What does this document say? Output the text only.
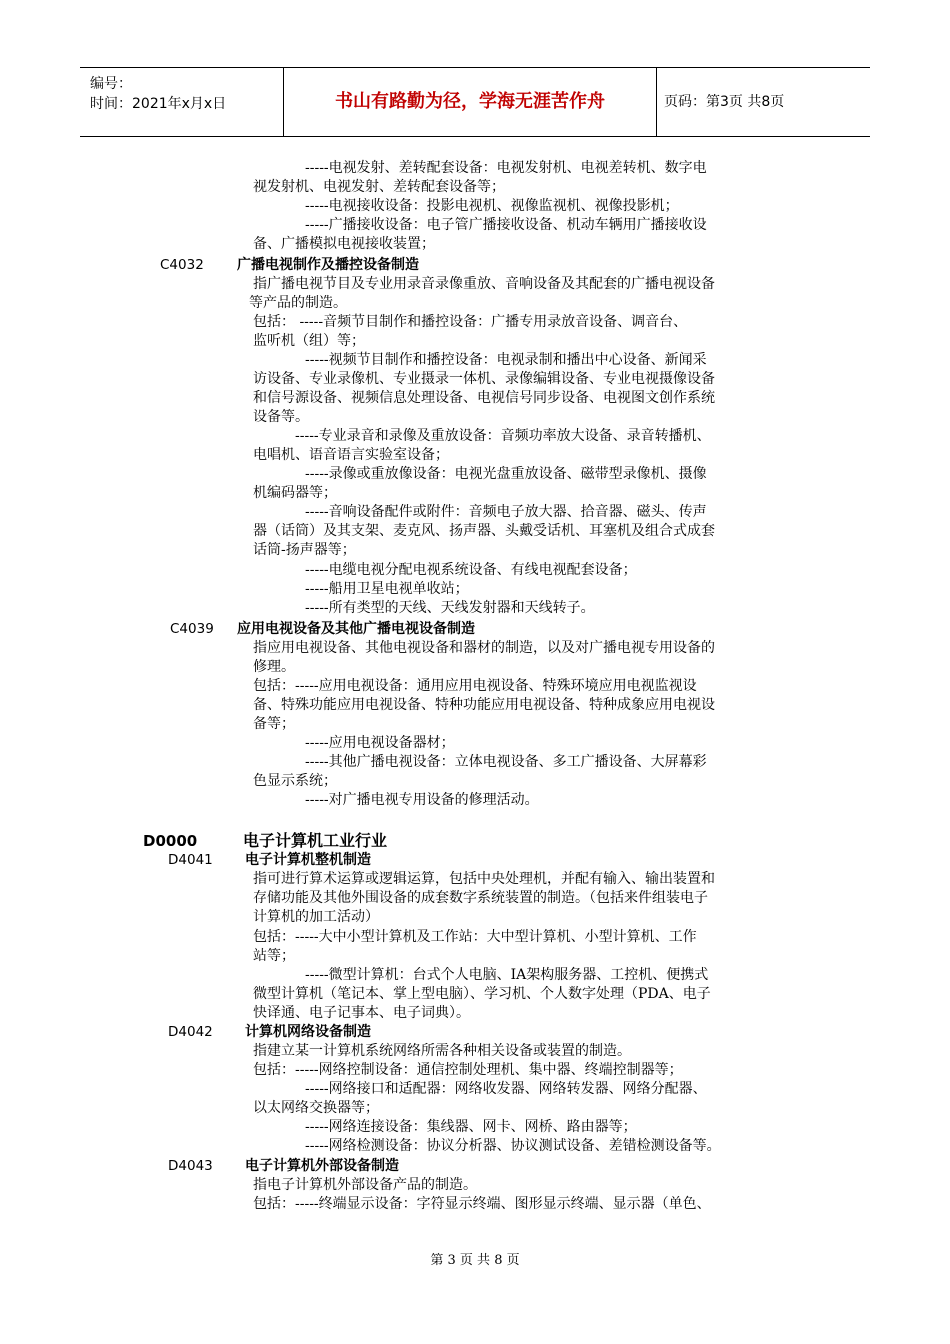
编号：
时间：2021年x月x日	书山有路勤为径，学海无涯苦作舟	页码：第3页 共8页
-----电视发射、差转配套设备：电视发射机、电视差转机、数字电
视发射机、电视发射、差转配套设备等；
-----电视接收设备：投影电视机、视像监视机、视像投影机；
-----广播接收设备：电子管广播接收设备、机动车辆用广播接收设
备、广播模拟电视接收装置；
C4032 广播电视制作及播控设备制造
指广播电视节目及专业用录音录像重放、音响设备及其配套的广播电视设备
等产品的制造。
包括： -----音频节目制作和播控设备：广播专用录放音设备、调音台、
监听机（组）等；
-----视频节目制作和播控设备：电视录制和播出中心设备、新闻采
访设备、专业录像机、专业摄录一体机、录像编辑设备、专业电视摄像设备
和信号源设备、视频信息处理设备、电视信号同步设备、电视图文创作系统
设备等。
-----专业录音和录像及重放设备：音频功率放大设备、录音转播机、
电唱机、语音语言实验室设备；
-----录像或重放像设备：电视光盘重放设备、磁带型录像机、摄像
机编码器等；
-----音响设备配件或附件：音频电子放大器、拾音器、磁头、传声
器（话筒）及其支架、麦克风、扬声器、头戴受话机、耳塞机及组合式成套
话筒-扬声器等；
-----电缆电视分配电视系统设备、有线电视配套设备；
-----船用卫星电视单收站；
-----所有类型的天线、天线发射器和天线转子。
C4039 应用电视设备及其他广播电视设备制造
指应用电视设备、其他电视设备和器材的制造，以及对广播电视专用设备的
修理。
包括：-----应用电视设备：通用应用电视设备、特殊环境应用电视监视设
备、特殊功能应用电视设备、特种功能应用电视设备、特种成象应用电视设
备等；
-----应用电视设备器材；
-----其他广播电视设备：立体电视设备、多工广播设备、大屏幕彩
色显示系统；
-----对广播电视专用设备的修理活动。
D0000	电子计算机工业行业
D4041 电子计算机整机制造
指可进行算术运算或逻辑运算，包括中央处理机，并配有输入、输出装置和
存储功能及其他外围设备的成套数字系统装置的制造。（包括来件组装电子
计算机的加工活动）
包括：-----大中小型计算机及工作站：大中型计算机、小型计算机、工作
站等；
-----微型计算机：台式个人电脑、IA架构服务器、工控机、便携式
微型计算机（笔记本、掌上型电脑）、学习机、个人数字处理（PDA、电子
快译通、电子记事本、电子词典）。
D4042 计算机网络设备制造
指建立某一计算机系统网络所需各种相关设备或装置的制造。
包括：-----网络控制设备：通信控制处理机、集中器、终端控制器等；
-----网络接口和适配器：网络收发器、网络转发器、网络分配器、
以太网络交换器等；
-----网络连接设备：集线器、网卡、网桥、路由器等；
-----网络检测设备：协议分析器、协议测试设备、差错检测设备等。
D4043 电子计算机外部设备制造
指电子计算机外部设备产品的制造。
包括：-----终端显示设备：字符显示终端、图形显示终端、显示器（单色、
第 3 页 共 8 页
